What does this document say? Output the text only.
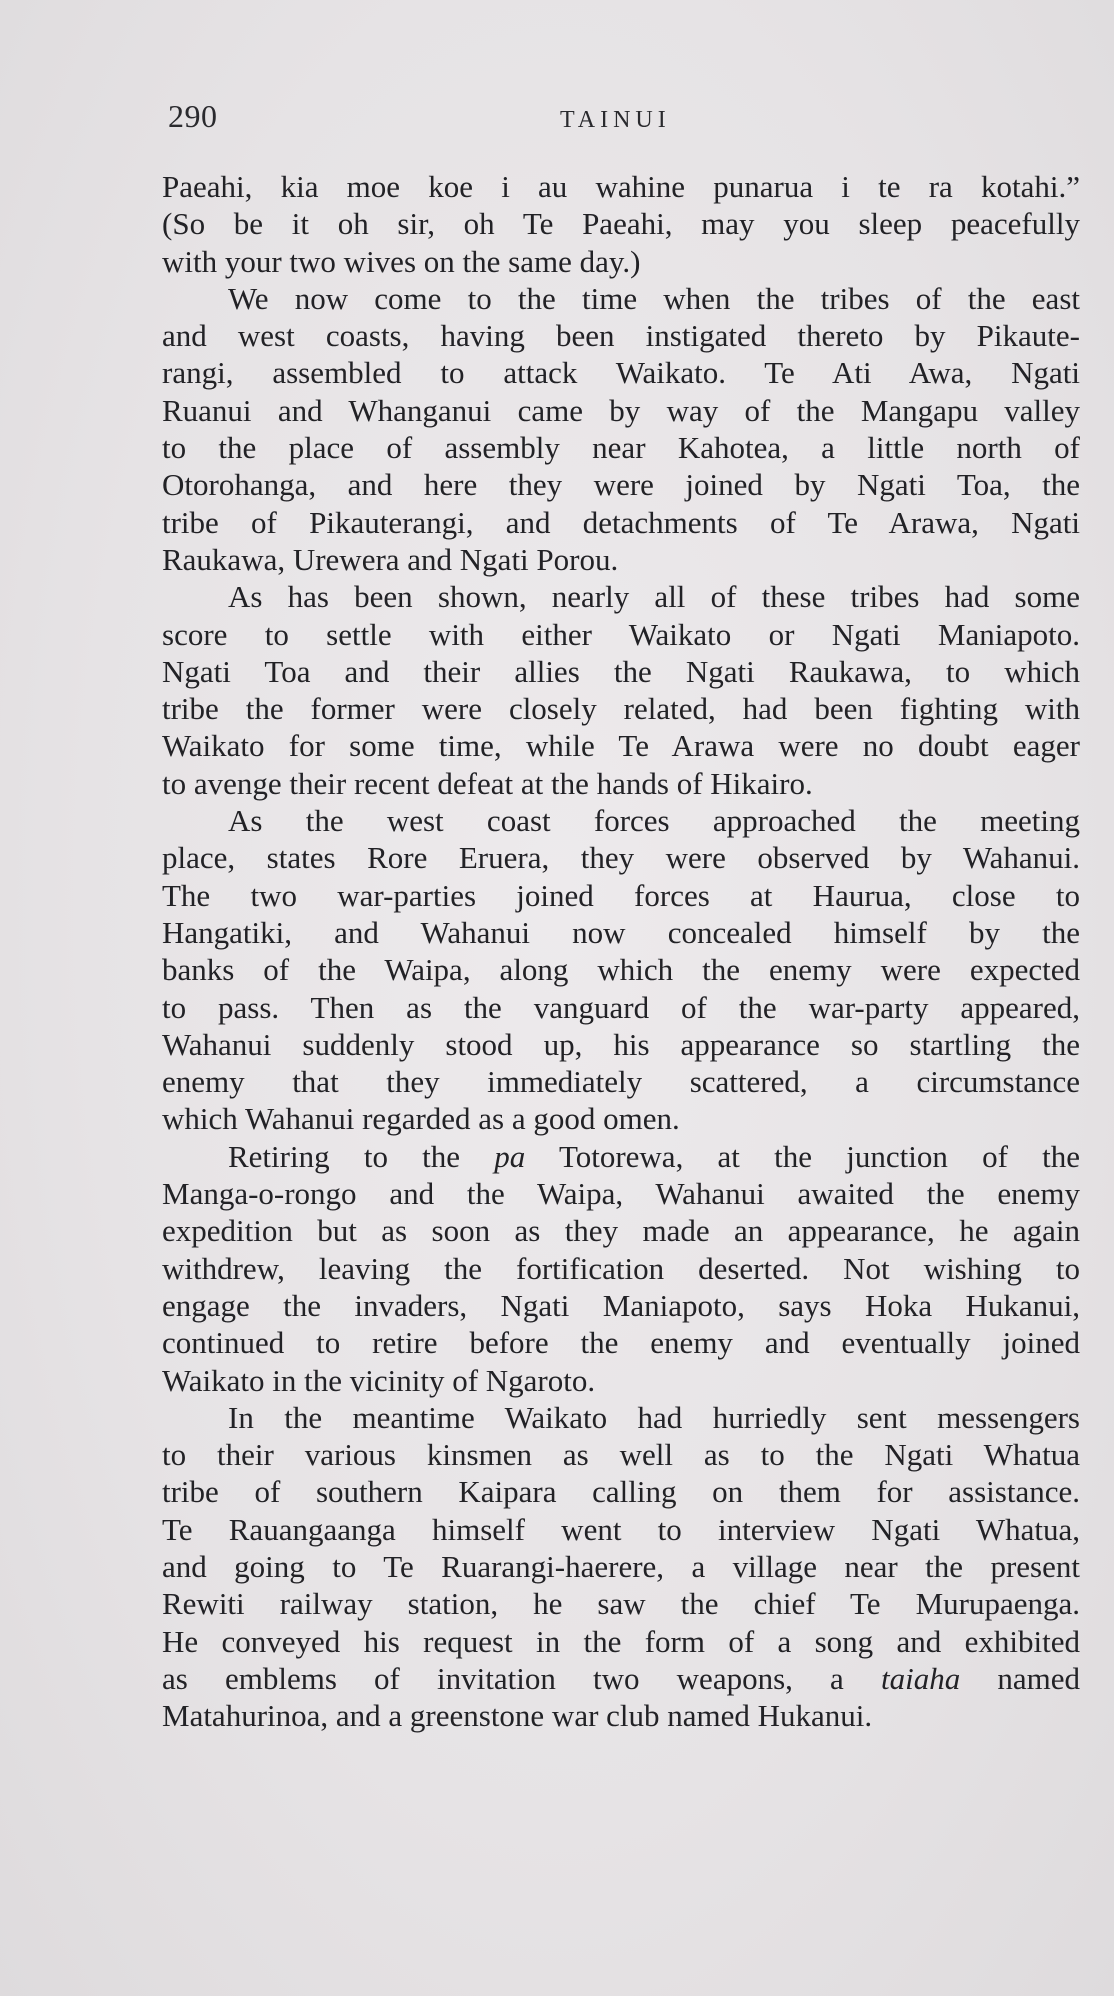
290	TAINUI
Paeahi, kia moe koe i au wahine punarua i te ra kotahi.”
(So be it oh sir, oh Te Paeahi, may you sleep peacefully
with your two wives on the same day.)
We now come to the time when the tribes of the east
and west coasts, having been instigated thereto by Pikaute-
rangi, assembled to attack Waikato. Te Ati Awa, Ngati
Ruanui and Whanganui came by way of the Mangapu valley
to the place of assembly near Kahotea, a little north of
Otorohanga, and here they were joined by Ngati Toa, the
tribe of Pikauterangi, and detachments of Te Arawa, Ngati
Raukawa, Urewera and Ngati Porou.
As has been shown, nearly all of these tribes had some
score to settle with either Waikato or Ngati Maniapoto.
Ngati Toa and their allies the Ngati Raukawa, to which
tribe the former were closely related, had been fighting with
Waikato for some time, while Te Arawa were no doubt eager
to avenge their recent defeat at the hands of Hikairo.
As the west coast forces approached the meeting
place, states Rore Eruera, they were observed by Wahanui.
The two war-parties joined forces at Haurua, close to
Hangatiki, and Wahanui now concealed himself by the
banks of the Waipa, along which the enemy were expected
to pass. Then as the vanguard of the war-party appeared,
Wahanui suddenly stood up, his appearance so startling the
enemy that they immediately scattered, a circumstance
which Wahanui regarded as a good omen.
Retiring to the pa Totorewa, at the junction of the
Manga-o-rongo and the Waipa, Wahanui awaited the enemy
expedition but as soon as they made an appearance, he again
withdrew, leaving the fortification deserted. Not wishing to
engage the invaders, Ngati Maniapoto, says Hoka Hukanui,
continued to retire before the enemy and eventually joined
Waikato in the vicinity of Ngaroto.
In the meantime Waikato had hurriedly sent messengers
to their various kinsmen as well as to the Ngati Whatua
tribe of southern Kaipara calling on them for assistance.
Te Rauangaanga himself went to interview Ngati Whatua,
and going to Te Ruarangi-haerere, a village near the present
Rewiti railway station, he saw the chief Te Murupaenga.
He conveyed his request in the form of a song and exhibited
as emblems of invitation two weapons, a taiaha named
Matahurinoa, and a greenstone war club named Hukanui.
